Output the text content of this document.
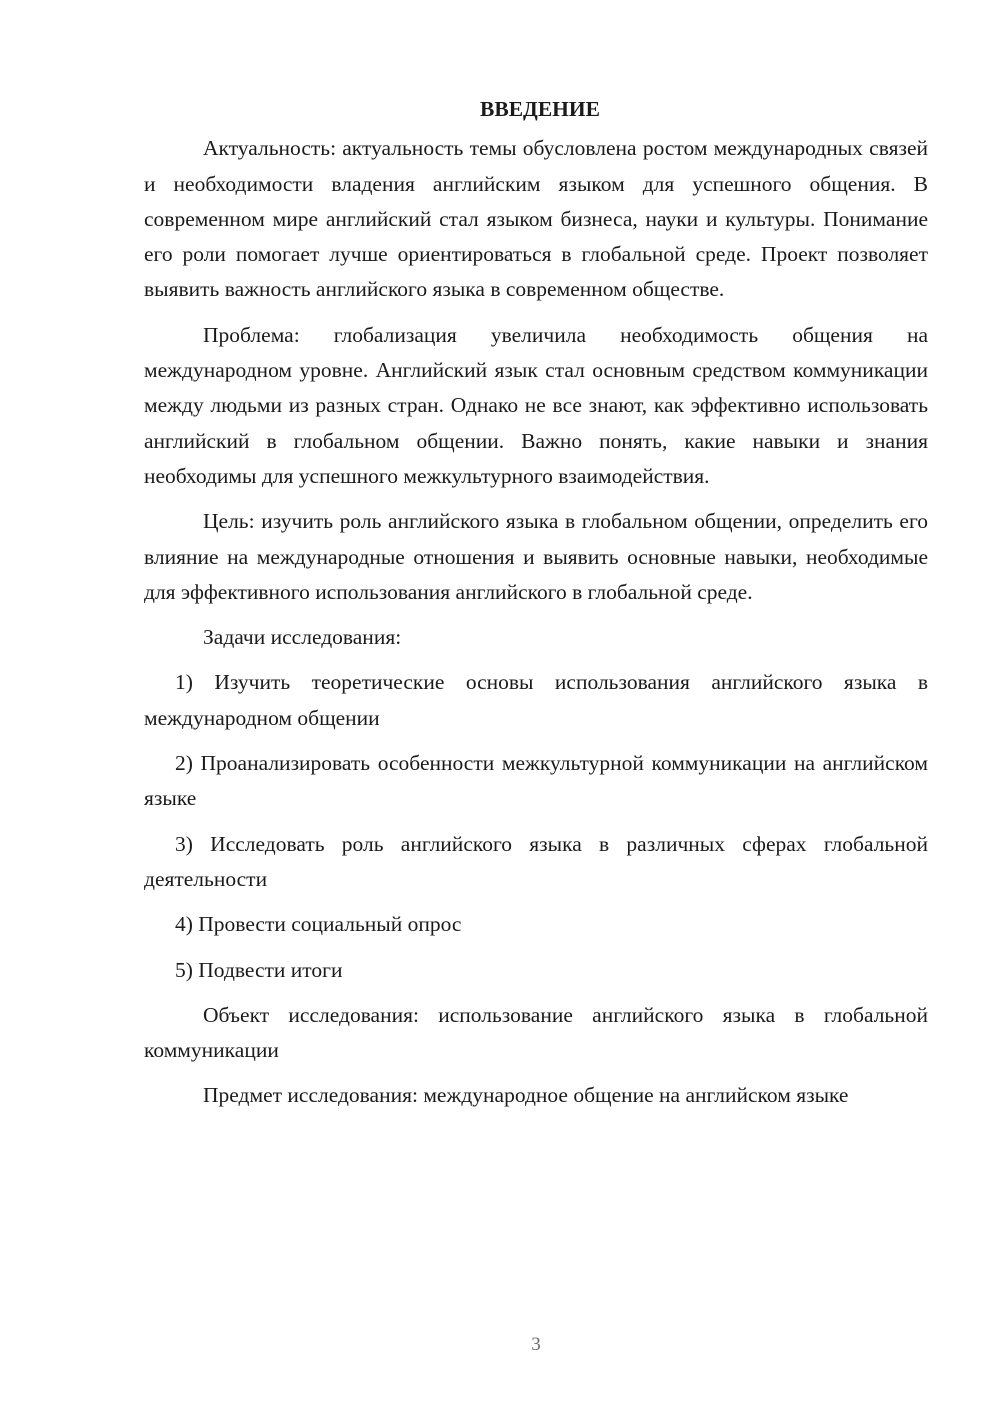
ВВЕДЕНИЕ

Актуальность: актуальность темы обусловлена ростом международных связей и необходимости владения английским языком для успешного общения. В современном мире английский стал языком бизнеса, науки и культуры. Понимание его роли помогает лучше ориентироваться в глобальной среде. Проект позволяет выявить важность английского языка в современном обществе.

Проблема: глобализация увеличила необходимость общения на международном уровне. Английский язык стал основным средством коммуникации между людьми из разных стран. Однако не все знают, как эффективно использовать английский в глобальном общении. Важно понять, какие навыки и знания необходимы для успешного межкультурного взаимодействия.

Цель: изучить роль английского языка в глобальном общении, определить его влияние на международные отношения и выявить основные навыки, необходимые для эффективного использования английского в глобальной среде.

Задачи исследования:

1) Изучить теоретические основы использования английского языка в международном общении

2) Проанализировать особенности межкультурной коммуникации на английском языке

3) Исследовать роль английского языка в различных сферах глобальной деятельности

4) Провести социальный опрос

5) Подвести итоги

Объект исследования: использование английского языка в глобальной коммуникации

Предмет исследования: международное общение на английском языке

3
